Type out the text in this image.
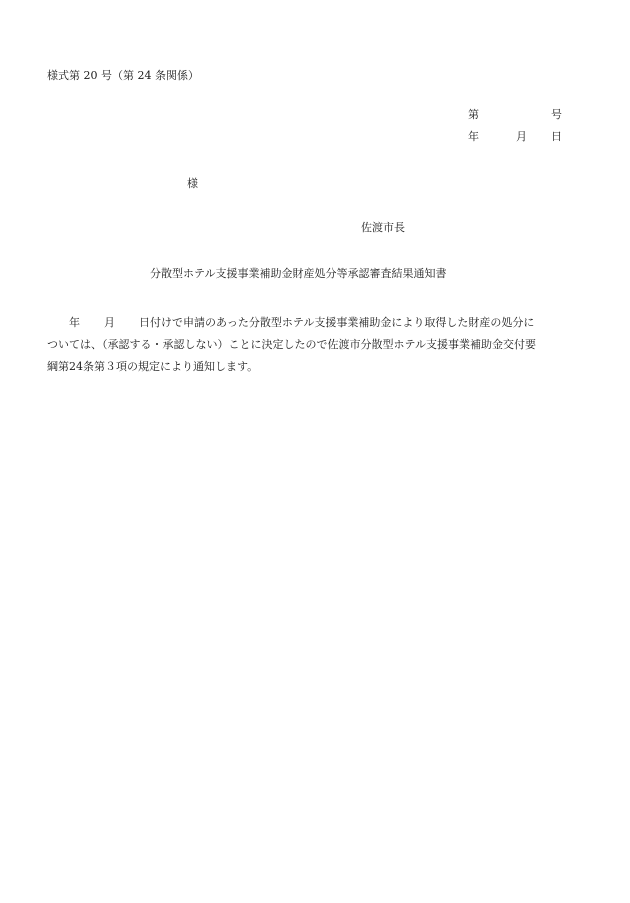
様式第 20 号（第 24 条関係）
第	号
年	月 日
様
佐渡市長
分散型ホテル支援事業補助金財産処分等承認審査結果通知書
年 月 日付けで申請のあった分散型ホテル支援事業補助金により取得した財産の処分に
ついては、（承認する・承認しない）ことに決定したので佐渡市分散型ホテル支援事業補助金交付要
綱第24条第３項の規定により通知します。
